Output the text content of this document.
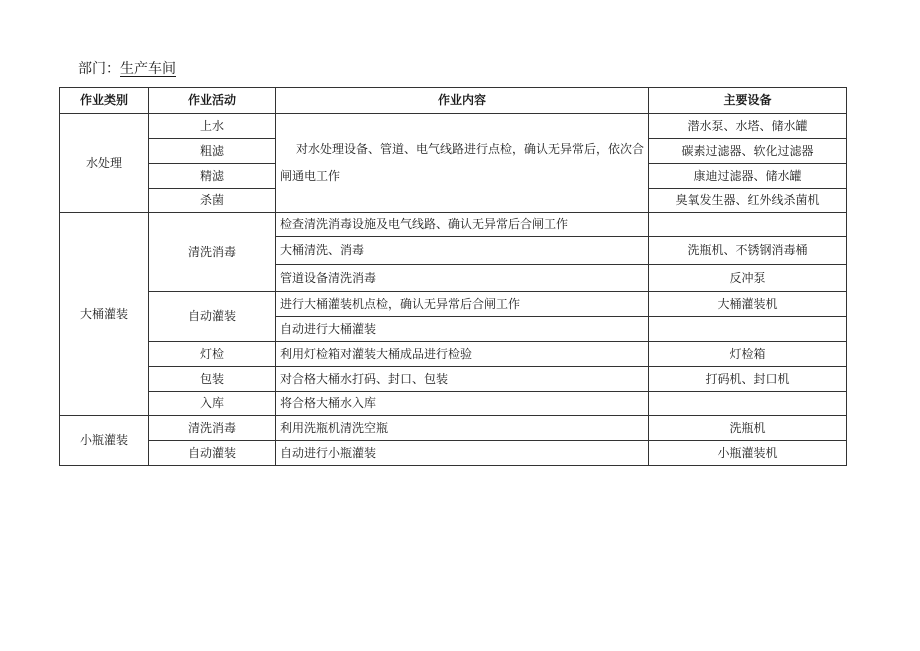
部门：生产车间
作业类别	作业活动	作业内容	主要设备
水处理	上水	对水处理设备、管道、电气线路进行点检，确认无异常后，依次合闸通电工作	潜水泵、水塔、储水罐
	粗滤		碳素过滤器、软化过滤器
	精滤		康迪过滤器、储水罐
	杀菌		臭氧发生器、红外线杀菌机
大桶灌装	清洗消毒	检查清洗消毒设施及电气线路、确认无异常后合闸工作	
		大桶清洗、消毒	洗瓶机、不锈钢消毒桶
		管道设备清洗消毒	反冲泵
	自动灌装	进行大桶灌装机点检，确认无异常后合闸工作	大桶灌装机
		自动进行大桶灌装	
	灯检	利用灯检箱对灌装大桶成品进行检验	灯检箱
	包装	对合格大桶水打码、封口、包装	打码机、封口机
	入库	将合格大桶水入库	
小瓶灌装	清洗消毒	利用洗瓶机清洗空瓶	洗瓶机
	自动灌装	自动进行小瓶灌装	小瓶灌装机
